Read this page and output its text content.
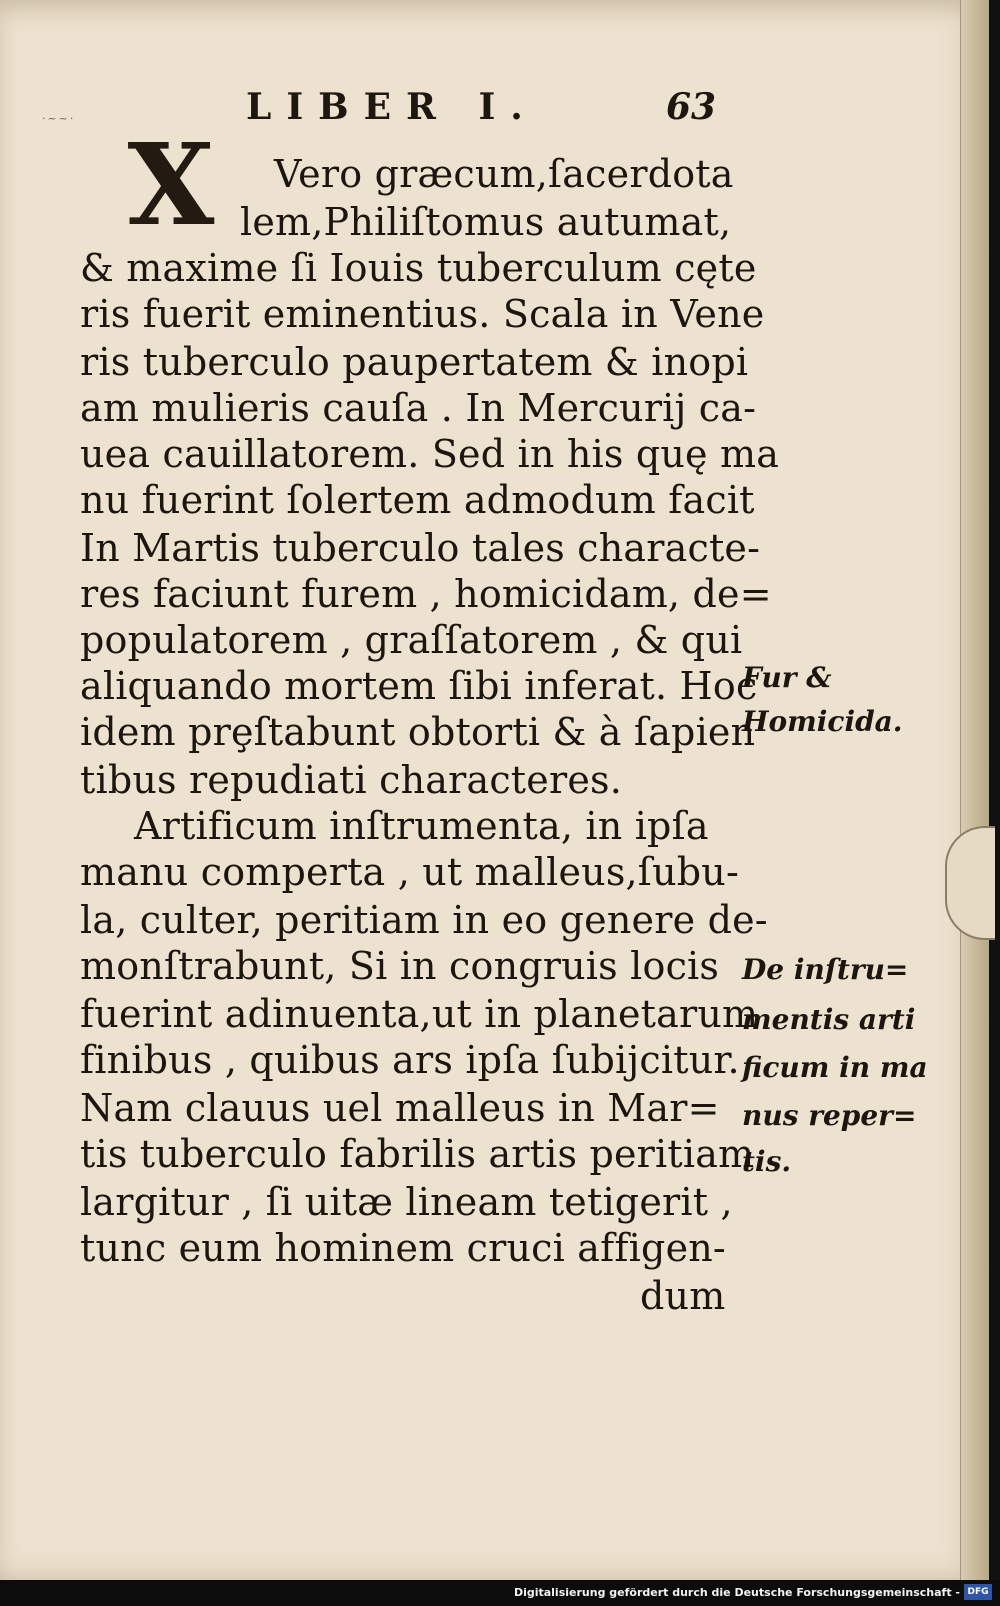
·~~·	LIBER I.	63
X	Vero græcum,ſacerdota
lem,Philiſtomus autumat,
& maxime ſi Iouis tuberculum cęte
ris fuerit eminentius. Scala in Vene
ris tuberculo paupertatem & inopi
am mulieris cauſa . In Mercurij ca-
uea cauillatorem. Sed in his quę ma
nu fuerint ſolertem admodum facit
In Martis tuberculo tales characte-
res faciunt furem , homicidam, de=
populatorem , graſſatorem , & qui
aliquando mortem ſibi inferat. Hoc
idem prȩſtabunt obtorti & à ſapien
tibus repudiati characteres.
Artificum inſtrumenta, in ipſa
manu comperta , ut malleus,ſubu-
la, culter, peritiam in eo genere de-
monſtrabunt, Si in congruis locis
fuerint adinuenta,ut in planetarum
finibus , quibus ars ipſa ſubijcitur.
Nam clauus uel malleus in Mar=
tis tuberculo fabrilis artis peritiam
largitur , ſi uitæ lineam tetigerit ,
tunc eum hominem cruci affigen-
dum
Fur &
Homicida.
De inſtru=
mentis arti
ficum in ma
nus reper=
tis.
Digitalisierung gefördert durch die Deutsche Forschungsgemeinschaft - DFG
